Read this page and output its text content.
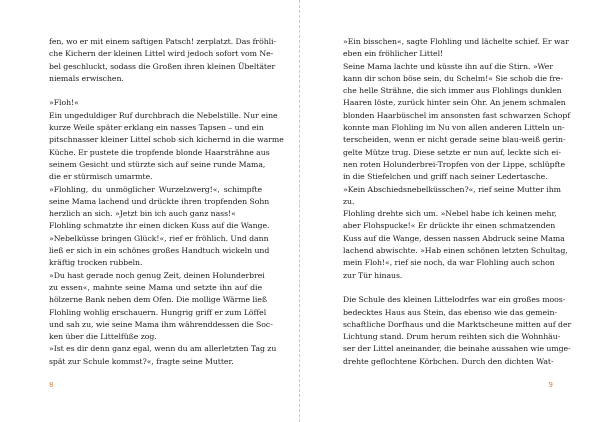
fen, wo er mit einem saftigen Patsch! zerplatzt. Das fröhli-
che Kichern der kleinen Littel wird jedoch sofort vom Ne-
bel geschluckt, sodass die Großen ihren kleinen Übeltäter
niemals erwischen.
»Floh!«
Ein ungeduldiger Ruf durchbrach die Nebelstille. Nur eine
kurze Weile später erklang ein nasses Tapsen – und ein
pitschnasser kleiner Littel schob sich kichernd in die warme
Küche. Er pustete die tropfende blonde Haarsträhne aus
seinem Gesicht und stürzte sich auf seine runde Mama,
die er stürmisch umarmte.
»Flohling, du unmöglicher Wurzelzwerg!«, schimpfte
seine Mama lachend und drückte ihren tropfenden Sohn
herzlich an sich. »Jetzt bin ich auch ganz nass!«
Flohling schmatzte ihr einen dicken Kuss auf die Wange.
»Nebelküsse bringen Glück!«, rief er fröhlich. Und dann
ließ er sich in ein schönes großes Handtuch wickeln und
kräftig trocken rubbeln.
»Du hast gerade noch genug Zeit, deinen Holunderbrei
zu essen«, mahnte seine Mama und setzte ihn auf die
hölzerne Bank neben dem Ofen. Die mollige Wärme ließ
Flohling wohlig erschauern. Hungrig griff er zum Löffel
und sah zu, wie seine Mama ihm währenddessen die Soc-
ken über die Littelfüße zog.
»Ist es dir denn ganz egal, wenn du am allerletzten Tag zu
spät zur Schule kommst?«, fragte seine Mutter.
8
»Ein bisschen«, sagte Flohling und lächelte schief. Er war
eben ein fröhlicher Littel!
Seine Mama lachte und küsste ihn auf die Stirn. »Wer
kann dir schon böse sein, du Schelm!« Sie schob die fre-
che helle Strähne, die sich immer aus Flohlings dunklen
Haaren löste, zurück hinter sein Ohr. An jenem schmalen
blonden Haarbüschel im ansonsten fast schwarzen Schopf
konnte man Flohling im Nu von allen anderen Litteln un-
terscheiden, wenn er nicht gerade seine blau-weiß gerin-
gelte Mütze trug. Diese setzte er nun auf, leckte sich ei-
nen roten Holunderbrei-Tropfen von der Lippe, schlüpfte
in die Stiefelchen und griff nach seiner Ledertasche.
»Kein Abschiedsnebelküsschen?«, rief seine Mutter ihm
zu.
Flohling drehte sich um. »Nebel habe ich keinen mehr,
aber Flohspucke!« Er drückte ihr einen schmatzenden
Kuss auf die Wange, dessen nassen Abdruck seine Mama
lachend abwischte. »Hab einen schönen letzten Schultag,
mein Floh!«, rief sie noch, da war Flohling auch schon
zur Tür hinaus.
Die Schule des kleinen Littelodrfes war ein großes moos-
bedecktes Haus aus Stein, das ebenso wie das gemein-
schaftliche Dorfhaus und die Marktscheune mitten auf der
Lichtung stand. Drum herum reihten sich die Wohnhäu-
ser der Littel aneinander, die beinahe aussahen wie umge-
drehte geflochtene Körbchen. Durch den dichten Wat-
9
